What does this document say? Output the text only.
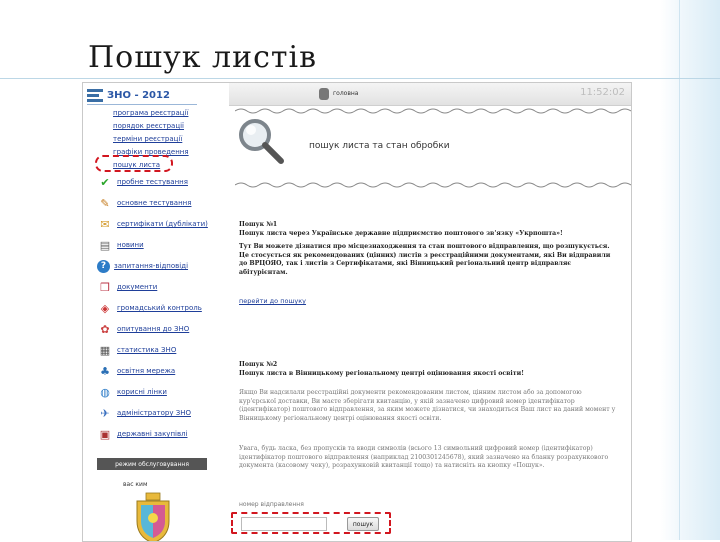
Пошук листів
ЗНО - 2012
програма реєстрації
порядок реєстрації
терміни реєстрації
графіки проведення
пошук листа
✔	пробне тестування
✎	основне тестування
✉	сертифікати (дублікати)
▤ новини
?	запитання-відповіді
❒	документи
◈	громадський контроль
✿	опитування до ЗНО
▦ статистика ЗНО
♣	освітня мережа
◍	корисні лінки
✈	адміністратору ЗНО
▣ державні закупівлі
режим обслуговування
вас ким
головна	11:52:02
пошук листа та стан обробки
Пошук №1
Пошук листа через Українське державне підприємство поштового зв'язку «Укрпошта»!
Тут Ви можете дізнатися про місцезнаходження та стан поштового відправлення, що розшукується. Це стосується як рекомендованих (цінних) листів з реєстраційними документами, які Ви відправили до ВРЦОЯО, так і листів з Сертифікатами, які Вінницький регіональний центр відправляє абітурієнтам.
перейти до пошуку
Пошук №2
Пошук листа в Вінницькому регіональному центрі оцінювання якості освіти!
Якщо Ви надсилали реєстраційні документи рекомендованим листом, цінним листом або за допомогою кур'єрської доставки, Ви маєте зберігати квитанцію, у якій зазначено цифровий номер ідентифікатор (ідентифікатор) поштового відправлення, за яким можете дізнатися, чи знаходиться Ваш лист на даний момент у Вінницькому регіональному центрі оцінювання якості освіти.
Увага, будь ласка, без пропусків та вводи символів (всього 13 символьний цифровий номер (ідентифікатор) ідентифікатор поштового відправлення (наприклад 2100301245678), який зазначено на бланку розрахункового документа (касовому чеку), розрахунковій квитанції тощо) та натисніть на кнопку «Пошук».
номер відправлення
пошук
